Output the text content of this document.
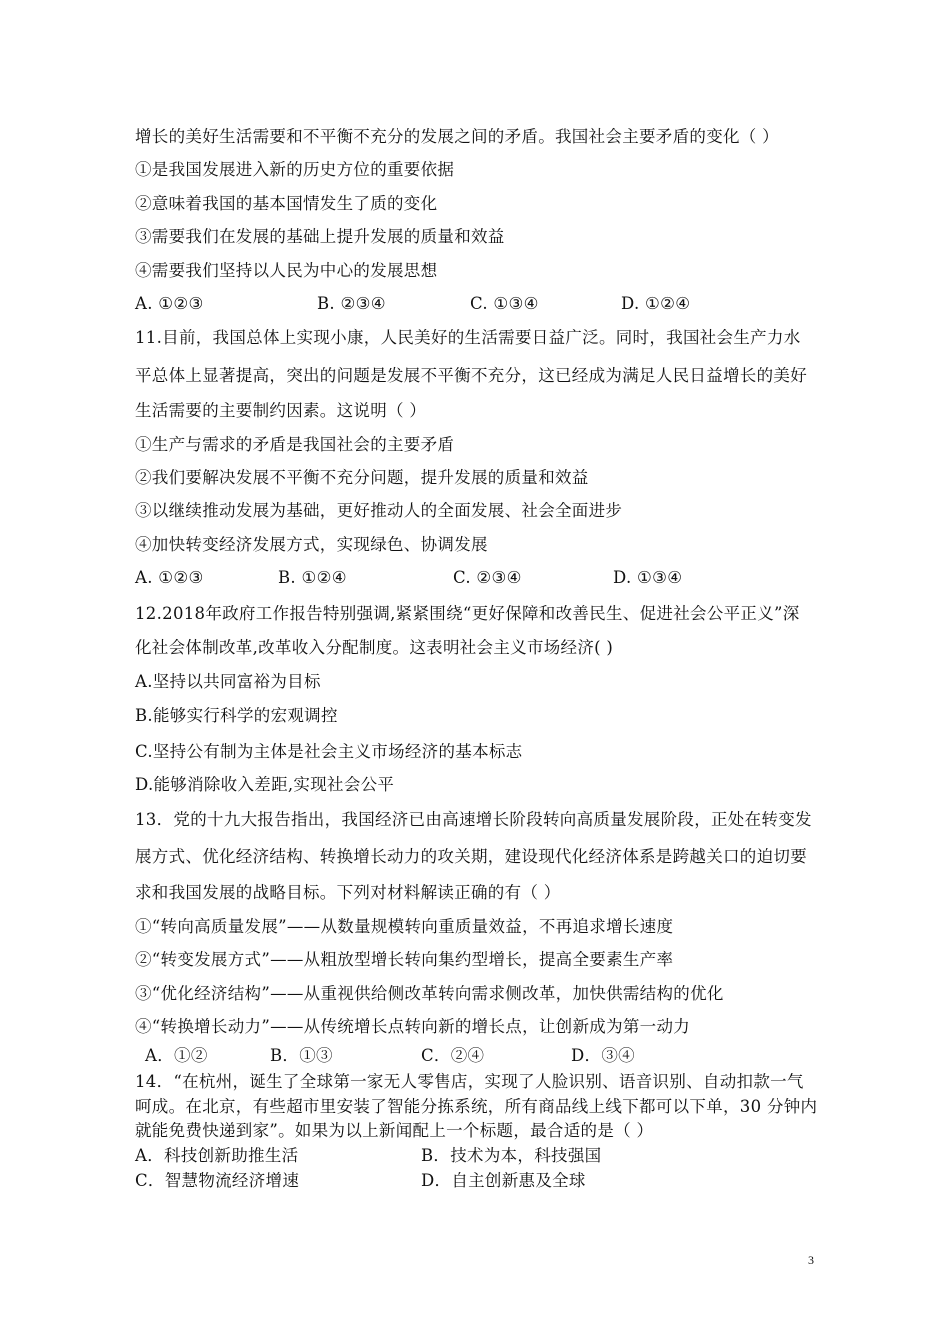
增长的美好生活需要和不平衡不充分的发展之间的矛盾。我国社会主要矛盾的变化（ ）
①是我国发展进入新的历史方位的重要依据
②意味着我国的基本国情发生了质的变化
③需要我们在发展的基础上提升发展的质量和效益
④需要我们坚持以人民为中心的发展思想
A. ①②③	B. ②③④	C. ①③④	D. ①②④
11.目前，我国总体上实现小康，人民美好的生活需要日益广泛。同时，我国社会生产力水
平总体上显著提高，突出的问题是发展不平衡不充分，这已经成为满足人民日益增长的美好
生活需要的主要制约因素。这说明（ ）
①生产与需求的矛盾是我国社会的主要矛盾
②我们要解决发展不平衡不充分问题，提升发展的质量和效益
③以继续推动发展为基础，更好推动人的全面发展、社会全面进步
④加快转变经济发展方式，实现绿色、协调发展
A. ①②③	B. ①②④	C. ②③④	D. ①③④
12.2018年政府工作报告特别强调,紧紧围绕“更好保障和改善民生、促进社会公平正义”深
化社会体制改革,改革收入分配制度。这表明社会主义市场经济( )
A.坚持以共同富裕为目标
B.能够实行科学的宏观调控
C.坚持公有制为主体是社会主义市场经济的基本标志
D.能够消除收入差距,实现社会公平
13．党的十九大报告指出，我国经济已由高速增长阶段转向高质量发展阶段，正处在转变发
展方式、优化经济结构、转换增长动力的攻关期，建设现代化经济体系是跨越关口的迫切要
求和我国发展的战略目标。下列对材料解读正确的有（ ）
①“转向高质量发展”——从数量规模转向重质量效益，不再追求增长速度
②“转变发展方式”——从粗放型增长转向集约型增长，提高全要素生产率
③“优化经济结构”——从重视供给侧改革转向需求侧改革，加快供需结构的优化
④“转换增长动力”——从传统增长点转向新的增长点，让创新成为第一动力
A．①②	B．①③	C．②④	D．③④
14．“在杭州，诞生了全球第一家无人零售店，实现了人脸识别、语音识别、自动扣款一气
呵成。在北京，有些超市里安装了智能分拣系统，所有商品线上线下都可以下单，30 分钟内
就能免费快递到家”。如果为以上新闻配上一个标题，最合适的是（ ）
A．科技创新助推生活	B．技术为本，科技强国
C．智慧物流经济增速	D．自主创新惠及全球
3
